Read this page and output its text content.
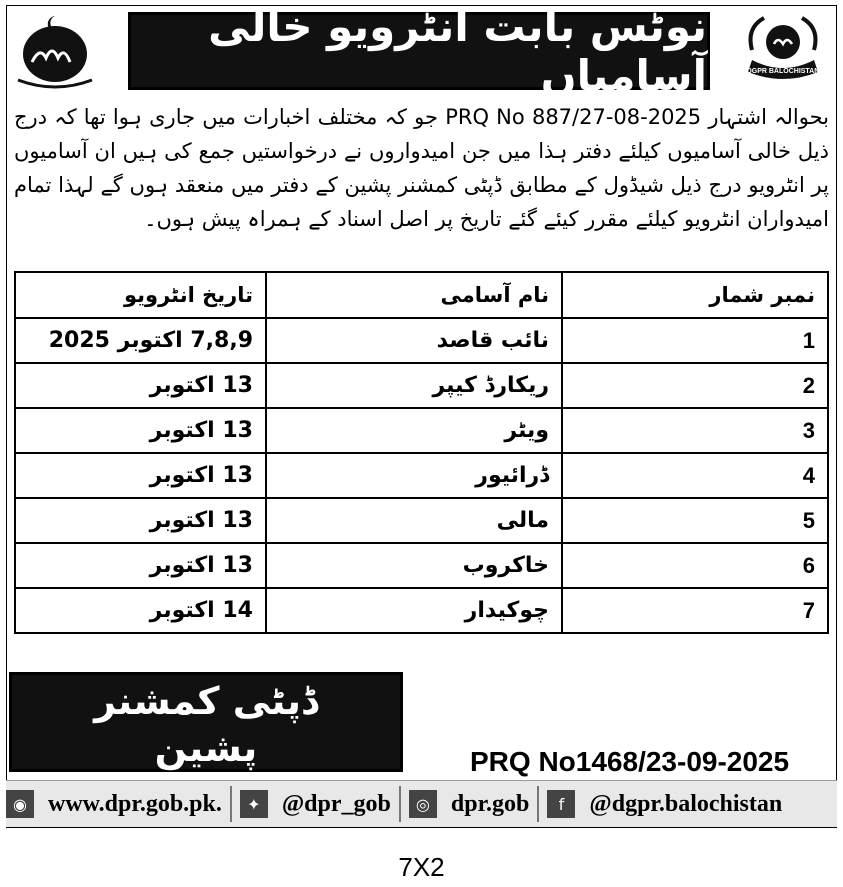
نوٹس بابت انٹرویو خالی آسامیاں	DGPR BALOCHISTAN
بحوالہ اشتہار PRQ No 887/27-08-2025 جو کہ مختلف اخبارات میں جاری ہوا تھا کہ درج ذیل خالی آسامیوں کیلئے دفتر ہذا میں جن امیدواروں نے درخواستیں جمع کی ہیں ان آسامیوں پر انٹرویو درج ذیل شیڈول کے مطابق ڈپٹی کمشنر پشین کے دفتر میں منعقد ہوں گے لہذا تمام امیدواران انٹرویو کیلئے مقرر کیئے گئے تاریخ پر اصل اسناد کے ہمراہ پیش ہوں۔
نمبر شمار	نام آسامی	تاریخ انٹرویو
1	نائب قاصد	7,8,9 اکتوبر 2025
2	ریکارڈ کیپر	13 اکتوبر
3	ویٹر	13 اکتوبر
4	ڈرائیور	13 اکتوبر
5	مالی	13 اکتوبر
6	خاکروب	13 اکتوبر
7	چوکیدار	14 اکتوبر
ڈپٹی کمشنر
پشین	PRQ No1468/23-09-2025
◉ www.dpr.gob.pk.	✦ @dpr_gob	◎ dpr.gob	f	@dgpr.balochistan
7X2
